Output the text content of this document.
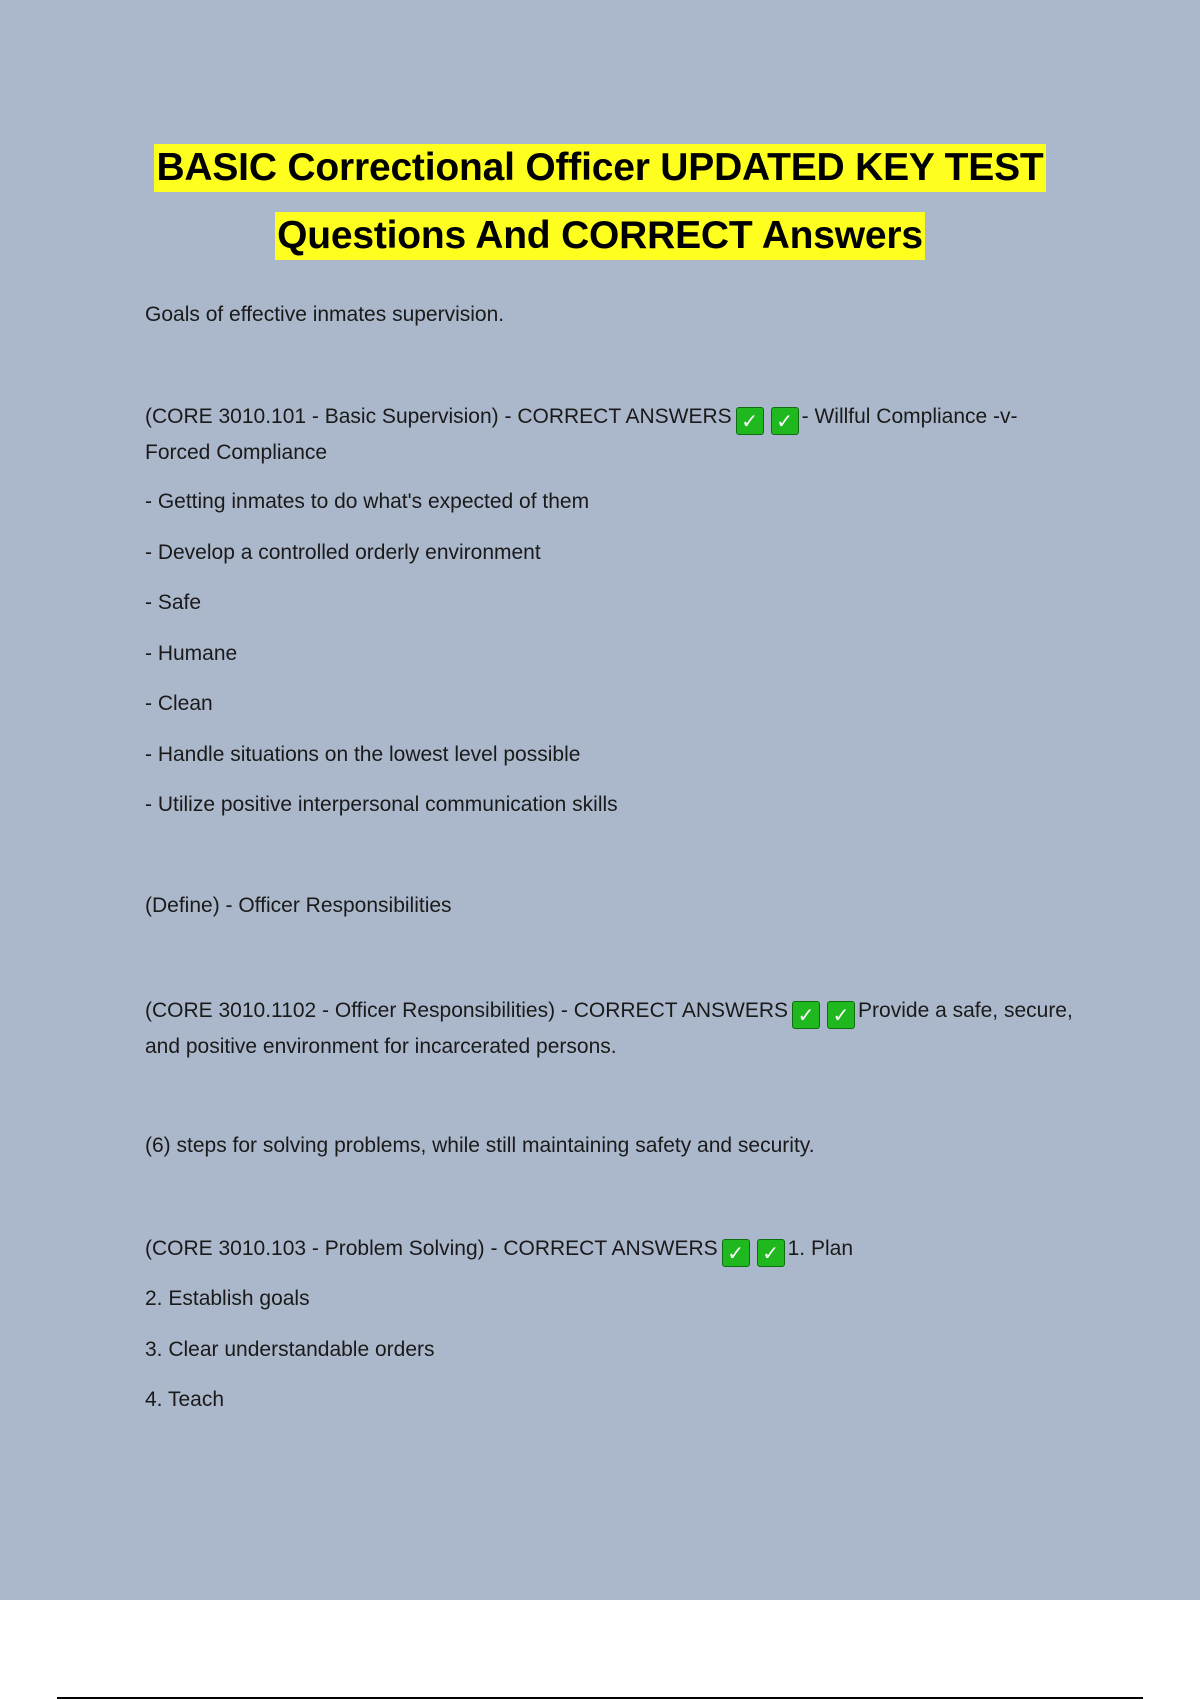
BASIC Correctional Officer UPDATED KEY TEST
Questions And CORRECT Answers
Goals of effective inmates supervision.
(CORE 3010.101 - Basic Supervision) - CORRECT ANSWERS ✓ ✓ - Willful Compliance -v- Forced Compliance
- Getting inmates to do what's expected of them
- Develop a controlled orderly environment
- Safe
- Humane
- Clean
- Handle situations on the lowest level possible
- Utilize positive interpersonal communication skills
(Define) - Officer Responsibilities
(CORE 3010.1102 - Officer Responsibilities) - CORRECT ANSWERS ✓ ✓ Provide a safe, secure, and positive environment for incarcerated persons.
(6) steps for solving problems, while still maintaining safety and security.
(CORE 3010.103 - Problem Solving) - CORRECT ANSWERS ✓ ✓ 1. Plan
2. Establish goals
3. Clear understandable orders
4. Teach
